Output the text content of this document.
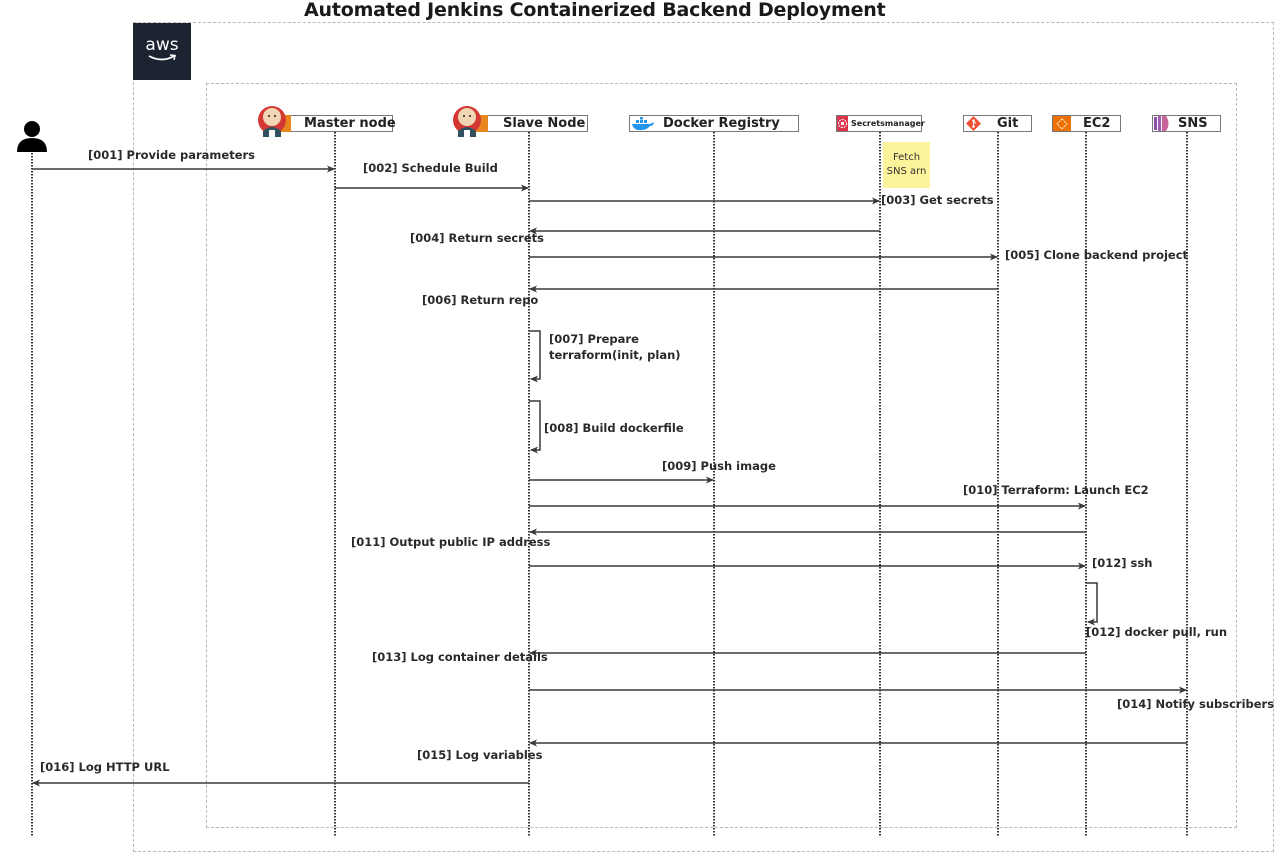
Automated Jenkins Containerized Backend Deployment
aws
Master node	Slave Node	Docker Registry	Secretsmanager	Git	EC2	SNS
Fetch
SNS arn
[001] Provide parameters
[002] Schedule Build
[003] Get secrets
[004] Return secrets
[005] Clone backend project
[006] Return repo
[007] Prepare
terraform(init, plan)
[008] Build dockerfile
[009] Push image
[010] Terraform: Launch EC2
[011] Output public IP address
[012] ssh
[012] docker pull, run
[013] Log container details
[014] Notify subscribers
[015] Log variables
[016] Log HTTP URL
